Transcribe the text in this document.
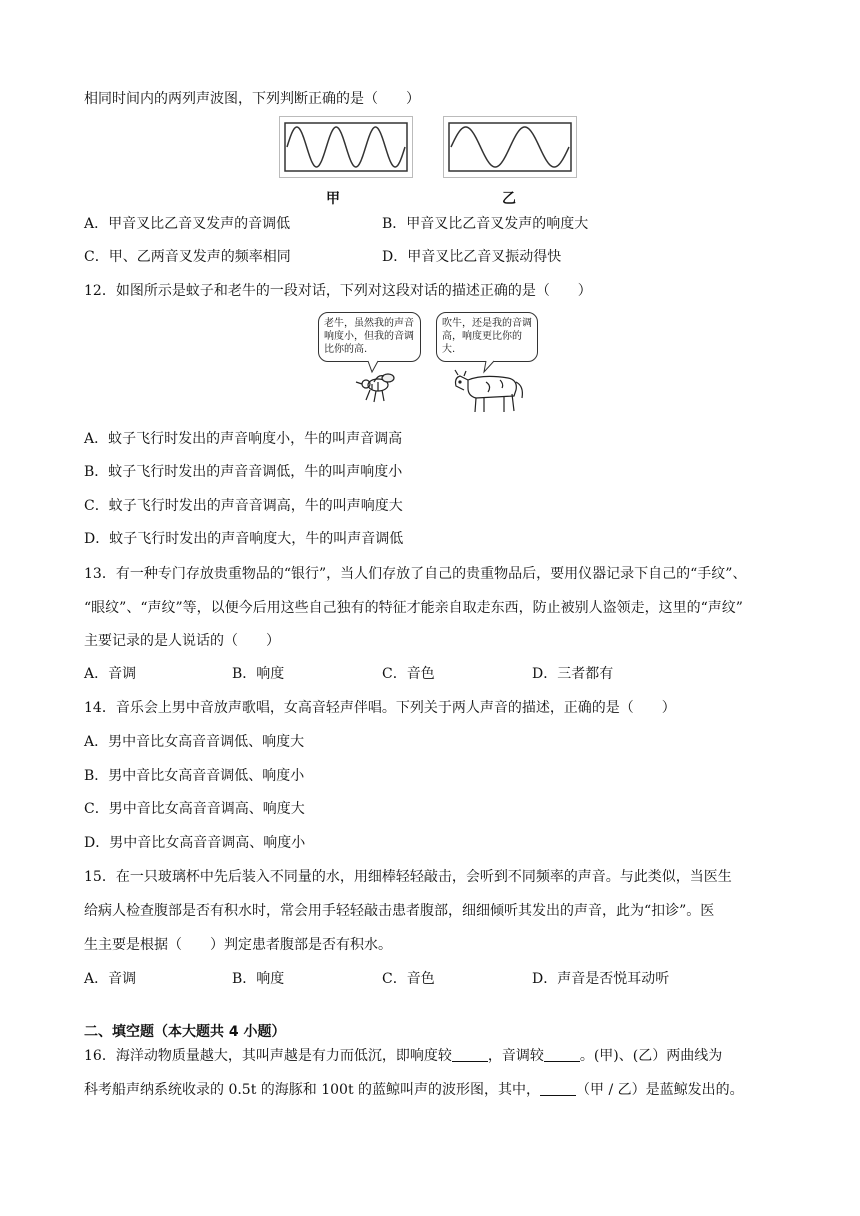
相同时间内的两列声波图，下列判断正确的是（　　）
甲	乙
A．甲音叉比乙音叉发声的音调低	B．甲音叉比乙音叉发声的响度大
C．甲、乙两音叉发声的频率相同	D．甲音叉比乙音叉振动得快
12．如图所示是蚊子和老牛的一段对话，下列对这段对话的描述正确的是（　　）
老牛，虽然我的声音响度小，但我的音调比你的高.
吹牛，还是我的音调高，响度更比你的大.
A．蚊子飞行时发出的声音响度小，牛的叫声音调高
B．蚊子飞行时发出的声音音调低，牛的叫声响度小
C．蚊子飞行时发出的声音音调高，牛的叫声响度大
D．蚊子飞行时发出的声音响度大，牛的叫声音调低
13．有一种专门存放贵重物品的“银行”，当人们存放了自己的贵重物品后，要用仪器记录下自己的“手纹”、
“眼纹”、“声纹”等，以便今后用这些自己独有的特征才能亲自取走东西，防止被别人盗领走，这里的“声纹”
主要记录的是人说话的（　　）
A．音调	B．响度	C．音色	D．三者都有
14．音乐会上男中音放声歌唱，女高音轻声伴唱。下列关于两人声音的描述，正确的是（　　）
A．男中音比女高音音调低、响度大
B．男中音比女高音音调低、响度小
C．男中音比女高音音调高、响度大
D．男中音比女高音音调高、响度小
15．在一只玻璃杯中先后装入不同量的水，用细棒轻轻敲击，会听到不同频率的声音。与此类似，当医生
给病人检查腹部是否有积水时，常会用手轻轻敲击患者腹部，细细倾听其发出的声音，此为“扣诊”。医
生主要是根据（　　）判定患者腹部是否有积水。
A．音调	B．响度	C．音色	D．声音是否悦耳动听
二、填空题（本大题共 4 小题）
16．海洋动物质量越大，其叫声越是有力而低沉，即响度较	，音调较	。(甲)、(乙）两曲线为
科考船声纳系统收录的 0.5t 的海豚和 100t 的蓝鲸叫声的波形图，其中，	（甲 / 乙）是蓝鲸发出的。
